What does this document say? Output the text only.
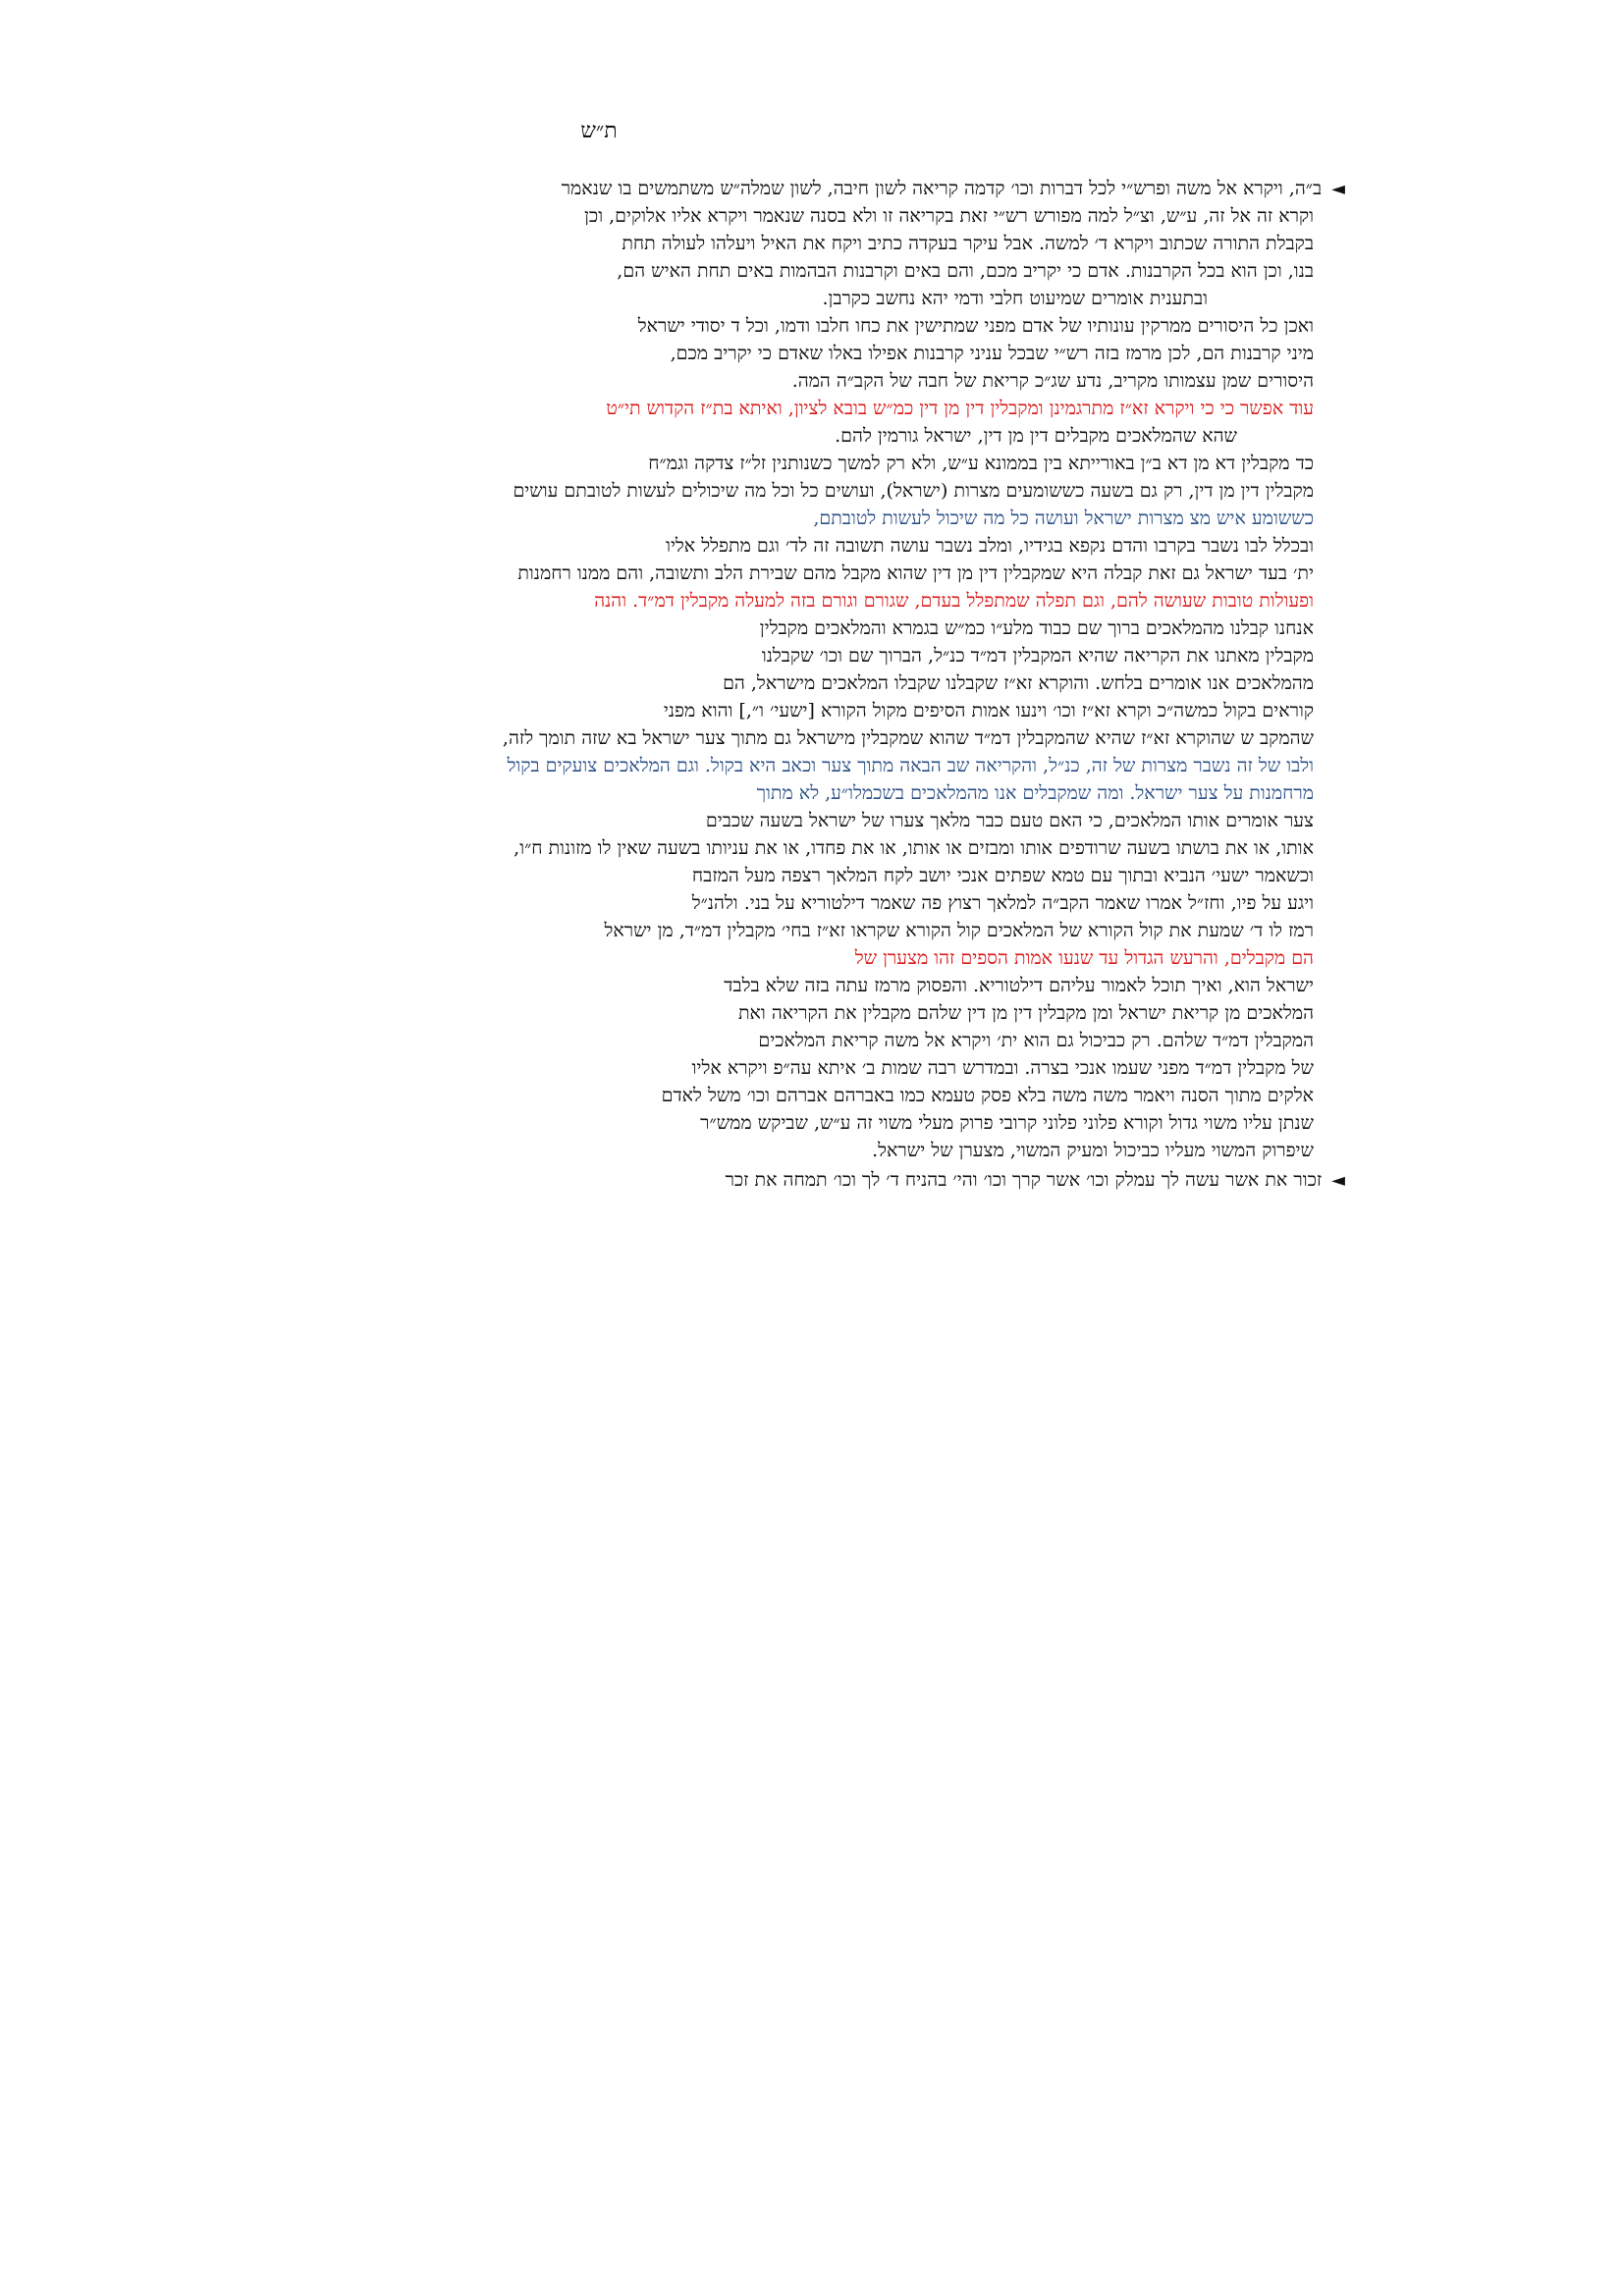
ת״ש
◄ב״ה, ויקרא אל משה ופרש״י לכל דברות וכו׳ קדמה קריאה לשון חיבה, לשון שמלה״ש משתמשים בו שנאמר
וקרא זה אל זה, ע״ש, וצ״ל למה מפורש רש״י זאת בקריאה זו ולא בסנה שנאמר ויקרא אליו אלוקים, וכן
בקבלת התורה שכתוב ויקרא ד׳ למשה. אבל עיקר בעקדה כתיב ויקח את האיל ויעלהו לעולה תחת
בנו, וכן הוא בכל הקרבנות. אדם כי יקריב מכם, והם באים וקרבנות הבהמות באים תחת האיש הם,
ובתענית אומרים שמיעוט חלבי ודמי יהא נחשב כקרבן.
ואכן כל היסורים ממרקין עונותיו של אדם מפני שמתישין את כחו חלבו ודמו, וכל ד יסודי ישראל
מיני קרבנות הם, לכן מרמז בזה רש״י שבכל עניני קרבנות אפילו באלו שאדם כי יקריב מכם,
היסורים שמן עצמותו מקריב, נדע שג״כ קריאת של חבה של הקב״ה המה.
עוד אפשר כי כי ויקרא זא״ז מתרגמינן ומקבלין דין מן דין כמ״ש בובא לציון, ואיתא בת״ז הקדוש תי״ט
שהא שהמלאכים מקבלים דין מן דין, ישראל גורמין להם.
כד מקבלין דא מן דא ב״ן באורייתא בין בממונא ע״ש, ולא רק למשך כשנותנין זל״ז צדקה וגמ״ח
מקבלין דין מן דין, רק גם בשעה כששומעים מצרות (ישראל), ועושים כל וכל מה שיכולים לעשות לטובתם עושים
כששומע איש מצ מצרות ישראל ועושה כל מה שיכול לעשות לטובתם,
ובכלל לבו נשבר בקרבו והדם נקפא בגידיו, ומלב נשבר עושה תשובה זה לד׳ וגם מתפלל אליו
ית׳ בעד ישראל גם זאת קבלה היא שמקבלין דין מן דין שהוא מקבל מהם שבירת הלב ותשובה, והם ממנו רחמנות
ופעולות טובות שעושה להם, וגם תפלה שמתפלל בעדם, שגורם וגורם בזה למעלה מקבלין דמ״ד. והנה
אנחנו קבלנו מהמלאכים ברוך שם כבוד מלע״ו כמ״ש בגמרא והמלאכים מקבלין
מקבלין מאתנו את הקריאה שהיא המקבלין דמ״ד כנ״ל, הברוך שם וכו׳ שקבלנו
מהמלאכים אנו אומרים בלחש. והוקרא זא״ז שקבלנו שקבלו המלאכים מישראל, הם
קוראים בקול כמשה״כ וקרא זא״ז וכו׳ וינעו אמות הסיפים מקול הקורא [ישעי׳ ו״,] והוא מפני
שהמקב ש שהוקרא זא״ז שהיא שהמקבלין דמ״ד שהוא שמקבלין מישראל גם מתוך צער ישראל בא שזה תומך לזה,
ולבו של זה נשבר מצרות של זה, כנ״ל, והקריאה שב הבאה מתוך צער וכאב היא בקול. וגם המלאכים צועקים בקול
מרחמנות על צער ישראל. ומה שמקבלים אנו מהמלאכים בשכמלו״ע, לא מתוך
צער אומרים אותו המלאכים, כי האם טעם כבר מלאך צערו של ישראל בשעה שכבים
אותו, או את בושתו בשעה שרודפים אותו ומבזים או אותו, או את פחדו, או את עניותו בשעה שאין לו מזונות ח״ו,
וכשאמר ישעי׳ הנביא ובתוך עם טמא שפתים אנכי יושב לקח המלאך רצפה מעל המזבח
ויגע על פיו, וחז״ל אמרו שאמר הקב״ה למלאך רצוץ פה שאמר דילטוריא על בני. ולהנ״ל
רמז לו ד׳ שמעת את קול הקורא של המלאכים קול הקורא שקראו זא״ז בחי׳ מקבלין דמ״ד, מן ישראל
הם מקבלים, והרעש הגדול עד שנעו אמות הספים זהו מצערן של
ישראל הוא, ואיך תוכל לאמור עליהם דילטוריא. והפסוק מרמז עתה בזה שלא בלבד
המלאכים מן קריאת ישראל ומן מקבלין דין מן דין שלהם מקבלין את הקריאה ואת
המקבלין דמ״ד שלהם. רק כביכול גם הוא ית׳ ויקרא אל משה קריאת המלאכים
של מקבלין דמ״ד מפני שעמו אנכי בצרה. ובמדרש רבה שמות ב׳ איתא עה״פ ויקרא אליו
אלקים מתוך הסנה ויאמר משה משה בלא פסק טעמא כמו באברהם אברהם וכו׳ משל לאדם
שנתן עליו משוי גדול וקורא פלוני פלוני קרובי פרוק מעלי משוי זה ע״ש, שביקש ממש״ר
שיפרוק המשוי מעליו כביכול ומעיק המשוי, מצערן של ישראל.
◄זכור את אשר עשה לך עמלק וכו׳ אשר קרך וכו׳ והי׳ בהניח ד׳ לך וכו׳ תמחה את זכר
